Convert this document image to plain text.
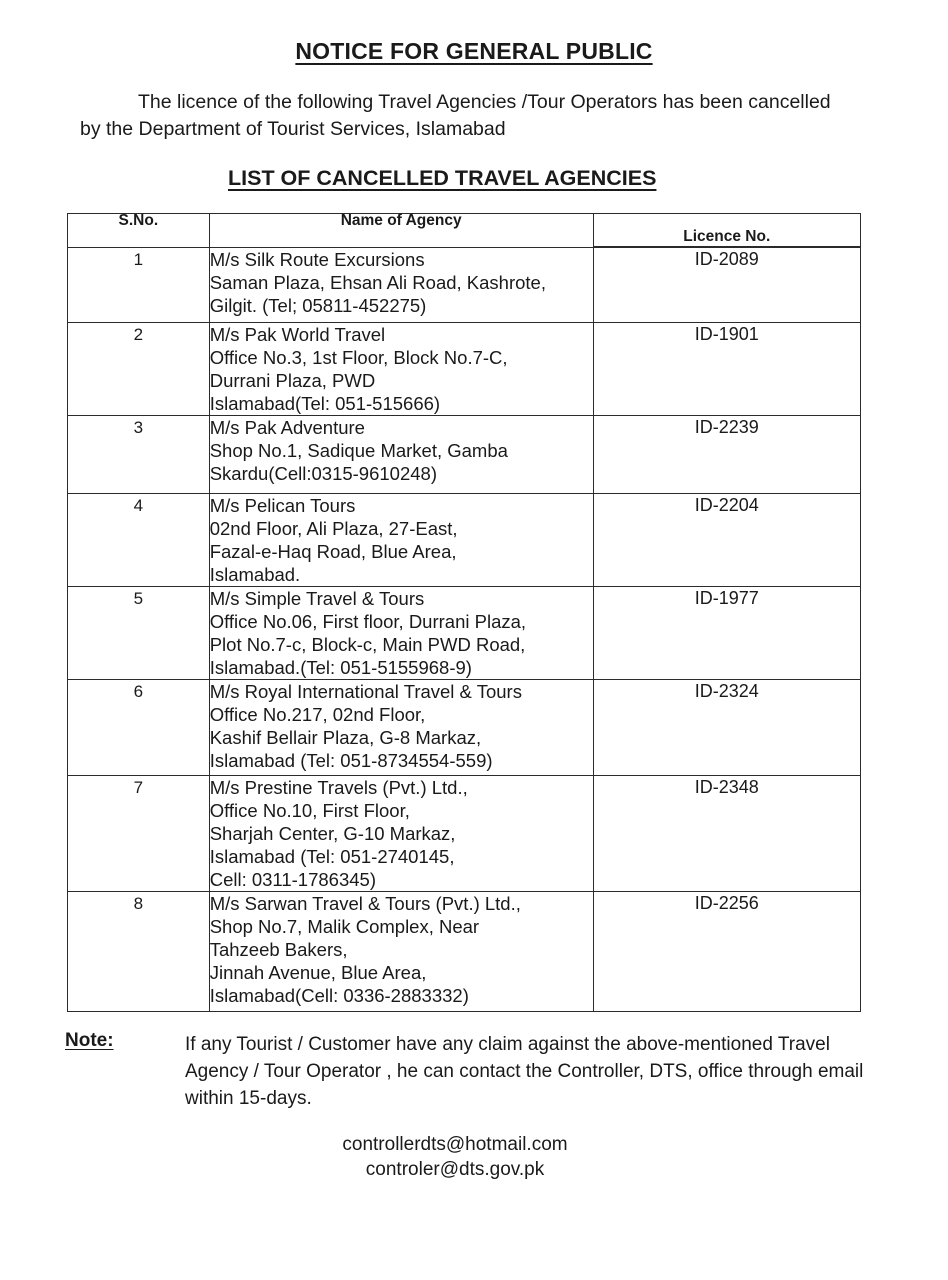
NOTICE FOR GENERAL PUBLIC
The licence of the following Travel Agencies /Tour Operators has been cancelled
by the Department of Tourist Services, Islamabad
LIST OF CANCELLED TRAVEL AGENCIES
S.No.	Name of Agency	Licence No.

1	M/s Silk Route Excursions
Saman Plaza, Ehsan Ali Road, Kashrote,
Gilgit. (Tel; 05811-452275)	ID-2089
2	M/s Pak World Travel
Office No.3, 1st Floor, Block No.7-C,
Durrani Plaza, PWD
Islamabad(Tel: 051-515666)	ID-1901
3	M/s Pak Adventure
Shop No.1, Sadique Market, Gamba
Skardu(Cell:0315-9610248)	ID-2239
4	M/s Pelican Tours
02nd Floor, Ali Plaza, 27-East,
Fazal-e-Haq Road, Blue Area,
Islamabad.	ID-2204
5	M/s Simple Travel & Tours
Office No.06, First floor, Durrani Plaza,
Plot No.7-c, Block-c, Main PWD Road,
Islamabad.(Tel: 051-5155968-9)	ID-1977
6	M/s Royal International Travel & Tours
Office No.217, 02nd Floor,
Kashif Bellair Plaza, G-8 Markaz,
Islamabad (Tel: 051-8734554-559)	ID-2324
7	M/s Prestine Travels (Pvt.) Ltd.,
Office No.10, First Floor,
Sharjah Center, G-10 Markaz,
Islamabad (Tel: 051-2740145,
Cell: 0311-1786345)	ID-2348
8	M/s Sarwan Travel & Tours (Pvt.) Ltd.,
Shop No.7, Malik Complex, Near
Tahzeeb Bakers,
Jinnah Avenue, Blue Area,
Islamabad(Cell: 0336-2883332)	ID-2256
Note:	If any Tourist / Customer have any claim against the above-mentioned Travel Agency / Tour Operator , he can contact the Controller, DTS, office through email within 15-days.
controllerdts@hotmail.com
controler@dts.gov.pk
